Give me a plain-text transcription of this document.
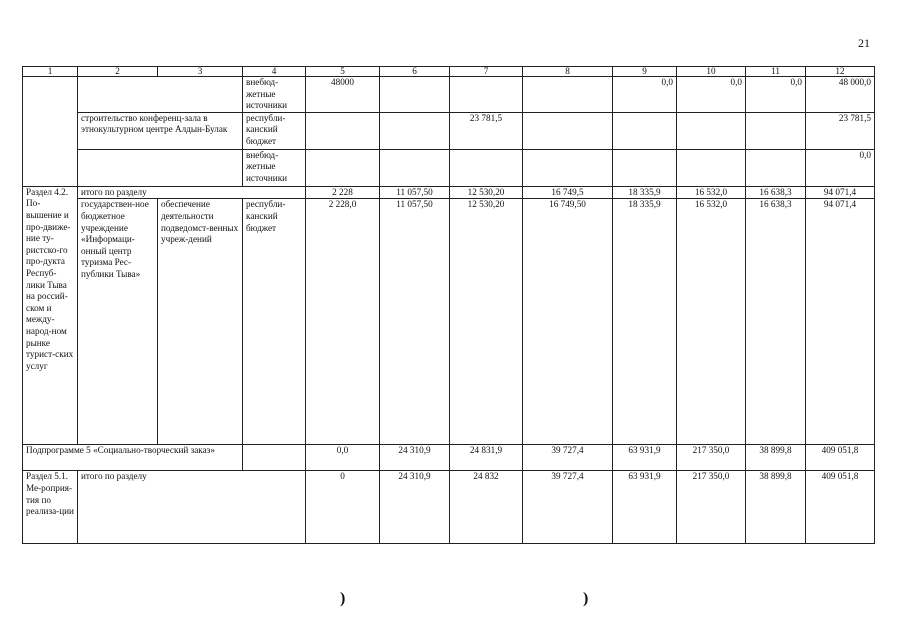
21
1	2	3	4	5	6	7	8	9	10	11	12
			внебюд-жетные источники	48000				0,0	0,0	0,0	48 000,0
	строительство конференц-зала в этнокультурном центре Алдын-Булак		республи-канский бюджет			23 781,5					23 781,5
			внебюд-жетные источники								0,0
Раздел 4.2. По-вышение и про-движе-ние ту-ристско-го про-дукта Респуб-лики Тыва на россий-ском и между-народ-ном рынке турист-ских услуг	итого по разделу			2 228	11 057,50	12 530,20	16 749,5	18 335,9	16 532,0	16 638,3	94 071,4
	государствен-ное бюджетное учреждение «Информаци-онный центр туризма Рес-публики Тыва»	обеспечение деятельности подведомст-венных учреж-дений	республи-канский бюджет	2 228,0	11 057,50	12 530,20	16 749,50	18 335,9	16 532,0	16 638,3	94 071,4
Подпрограмме 5 «Социально-творческий заказ»				0,0	24 310,9	24 831,9	39 727,4	63 931,9	217 350,0	38 899,8	409 051,8
Раздел 5.1. Ме-роприя-тия по реализа-ции	итого по разделу			0	24 310,9	24 832	39 727,4	63 931,9	217 350,0	38 899,8	409 051,8
)	)
